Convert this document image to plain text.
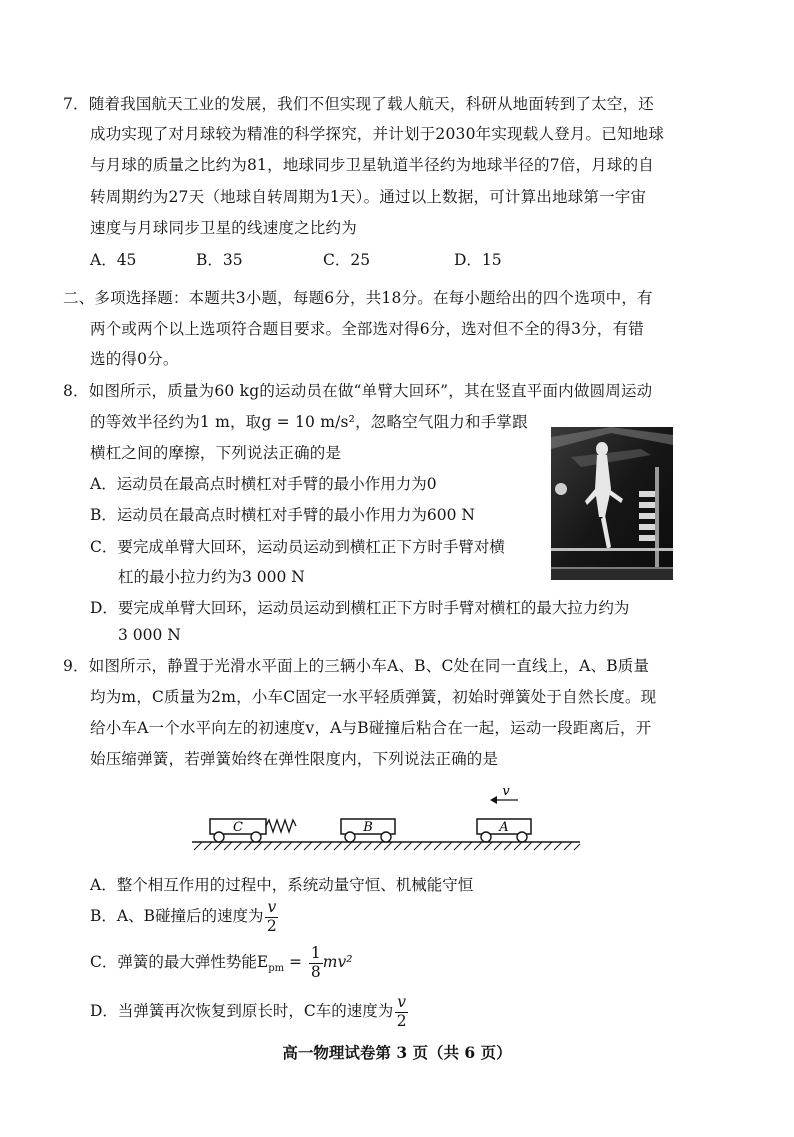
7．随着我国航天工业的发展，我们不但实现了载人航天，科研从地面转到了太空，还
成功实现了对月球较为精准的科学探究，并计划于2030年实现载人登月。已知地球
与月球的质量之比约为81，地球同步卫星轨道半径约为地球半径的7倍，月球的自
转周期约为27天（地球自转周期为1天）。通过以上数据，可计算出地球第一宇宙
速度与月球同步卫星的线速度之比约为
A．45	B．35	C．25	D．15
二、多项选择题：本题共3小题，每题6分，共18分。在每小题给出的四个选项中，有
两个或两个以上选项符合题目要求。全部选对得6分，选对但不全的得3分，有错
选的得0分。
8．如图所示，质量为60 kg的运动员在做“单臂大回环”，其在竖直平面内做圆周运动
的等效半径约为1 m，取g = 10 m/s²，忽略空气阻力和手掌跟
横杠之间的摩擦，下列说法正确的是
A．运动员在最高点时横杠对手臂的最小作用力为0
B．运动员在最高点时横杠对手臂的最小作用力为600 N
C．要完成单臂大回环，运动员运动到横杠正下方时手臂对横
杠的最小拉力约为3 000 N
D．要完成单臂大回环，运动员运动到横杠正下方时手臂对横杠的最大拉力约为
3 000 N
9．如图所示，静置于光滑水平面上的三辆小车A、B、C处在同一直线上，A、B质量
均为m，C质量为2m，小车C固定一水平轻质弹簧，初始时弹簧处于自然长度。现
给小车A一个水平向左的初速度v，A与B碰撞后粘合在一起，运动一段距离后，开
始压缩弹簧，若弹簧始终在弹性限度内，下列说法正确的是
C	B	A
v
A．整个相互作用的过程中，系统动量守恒、机械能守恒
B．A、B碰撞后的速度为 $\frac{v}{2}$
C．弹簧的最大弹性势能$E_{pm} = \frac{1}{8} mv^2$
D．当弹簧再次恢复到原长时，C车的速度为 $\frac{v}{2}$
高一物理试卷第 3 页（共 6 页）
